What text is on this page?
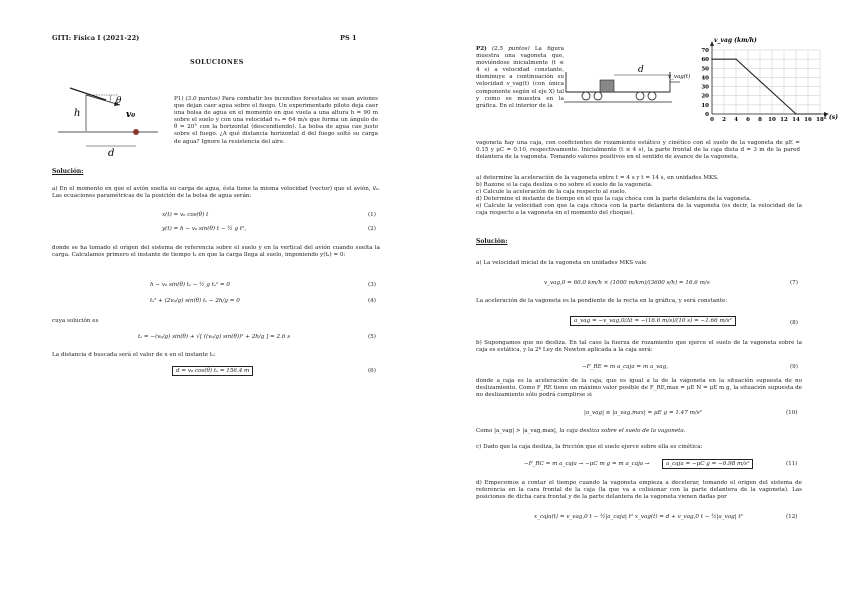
GITI: Física I (2021-22)	PS 1
SOLUCIONES
h
θ
v₀
d
P1) (3.0 puntos) Para combatir los incendios forestales se usan aviones que dejan caer agua sobre el fuego. Un experimentado piloto deja caer una bolsa de agua en el momento en que vuela a una altura h = 90 m sobre el suelo y con una velocidad v₀ = 64 m/s que forma un ángulo de θ = 20° con la horizontal (descendiendo). La bolsa de agua cae justo sobre el fuego. ¿A qué distancia horizontal d del fuego soltó su carga de agua? Ignore la resistencia del aire.
Solución:
a) En el momento en que el avión suelta su carga de agua, ésta tiene la misma velocidad (vector) que el avión, v⃗₀. Las ecuaciones paramétricas de la posición de la bolsa de agua serán:
x(t) = v₀ cos(θ) t	(1)
y(t) = h − v₀ sin(θ) t − ½ g t²,	(2)
donde se ha tomado el origen del sistema de referencia sobre el suelo y en la vertical del avión cuando suelta la carga. Calculamos primero el instante de tiempo tₛ en que la carga llega al suelo, imponiendo y(tₛ) = 0:
h − v₀ sin(θ) tₛ − ½ g tₛ² = 0	(3)
tₛ² + (2v₀/g) sin(θ) tₛ − 2h/g = 0	(4)
cuya solución es
tₛ = −(v₀/g) sin(θ) + √[ ((v₀/g) sin(θ))² + 2h/g ] = 2.6 s	(5)
La distancia d buscada será el valor de x en el instante tₛ:
d = v₀ cos(θ) tₛ = 156.4 m	(6)
P2) (2.5 puntos) La figura muestra una vagoneta que, moviéndose inicialmente (t ≤ 4 s) a velocidad constante, disminuye a continuación su velocidad v_vag(t) (con única componente según el eje X) tal y como se muestra en la gráfica. En el interior de la
d
v_vag(t)
v_vag (km/h)
0
10
20
30
40
50
60
70
0 2 4 6 8 10 12 14 16 18 t (s)
vagoneta hay una caja, con coeficientes de rozamiento estático y cinético con el suelo de la vagoneta de μE = 0.15 y μC = 0.10, respectivamente. Inicialmente (t ≤ 4 s), la parte frontal de la caja dista d = 3 m de la pared delantera de la vagoneta. Tomando valores positivos en el sentido de avance de la vagoneta,
a) determine la aceleración de la vagoneta entre t = 4 s y t = 14 s, en unidades MKS.
b) Razone si la caja desliza o no sobre el suelo de la vagoneta.
c) Calcule la aceleración de la caja respecto al suelo.
d) Determine el instante de tiempo en el que la caja choca con la parte delantera de la vagoneta.
e) Calcule la velocidad con que la caja choca con la parte delantera de la vagoneta (es decir, la velocidad de la caja respecto a la vagoneta en el momento del choque).
Solución:
a) La velocidad inicial de la vagoneta en unidades MKS vale
v_vag,0 = 60.0 km/h × (1000 m/km)/(3600 s/h) = 16.6 m/s	(7)
La aceleración de la vagoneta es la pendiente de la recta en la gráfica, y será constante:
a_vag = −v_vag,0/Δt = −(16.6 m/s)/(10 s) = −1.66 m/s²	(8)
b) Supongamos que no desliza. En tal caso la fuerza de rozamiento que ejerce el suelo de la vagoneta sobre la caja es estática, y la 2ª Ley de Newton aplicada a la caja será:
−F_RE = m a_caja = m a_vag,	(9)
donde a_caja es la aceleración de la caja, que es igual a la de la vagoneta en la situación supuesta de no deslizamiento. Como F_RE tiene un máximo valor posible de F_RE,max = μE N = μE m g, la situación supuesta de no deslizamiento sólo podrá cumplirse si
|a_vag| ≤ |a_vag,max| = μE g = 1.47 m/s²	(10)
Como |a_vag| > |a_vag,max|, la caja desliza sobre el suelo de la vagoneta.
c) Dado que la caja desliza, la fricción que el suelo ejerce sobre ella es cinética:
−F_RC = m a_caja → −μC m g = m a_caja →	a_caja = −μC g = −0.98 m/s²	(11)
d) Empecemos a contar el tiempo cuando la vagoneta empieza a decelerar, tomando el origen del sistema de referencia en la cara frontal de la caja (la que va a colisionar con la parte delantera de la vagoneta). Las posiciones de dicha cara frontal y de la parte delantera de la vagoneta vienen dadas por
x_caja(t) = v_vag,0 t − ½|a_caja| t² x_vag(t) = d + v_vag,0 t − ½|a_vag| t²	(12)
